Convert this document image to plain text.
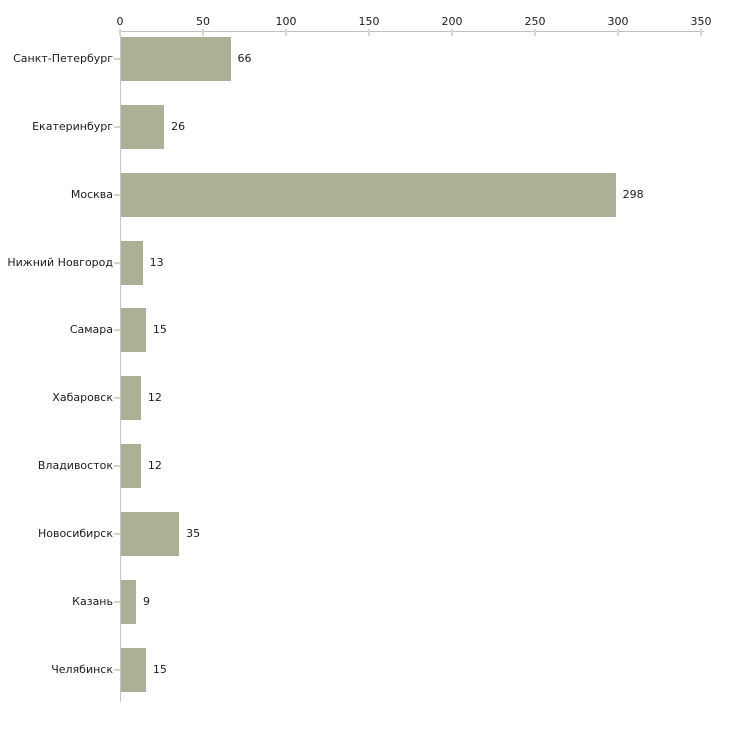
0	50	100	150	200	250	300	350
Санкт-Петербург	66
Екатеринбург	26
Москва	298
Нижний Новгород	13
Самара	15
Хабаровск	12
Владивосток	12
Новосибирск	35
Казань	9
Челябинск	15
